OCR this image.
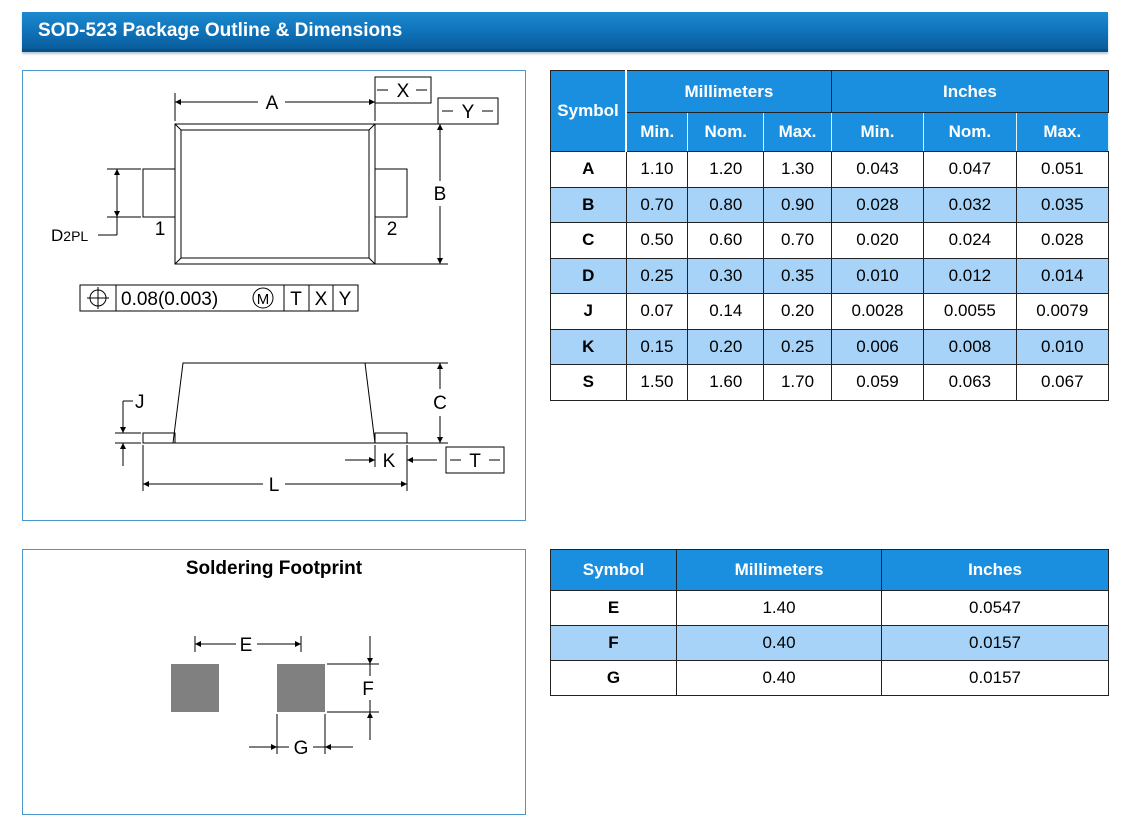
SOD-523 Package Outline & Dimensions
A
X
Y
B
1	2
D2PL
0.08(0.003)	M T X Y
C
J
K	T
L
Symbol	Millimeters			Inches		
	Min.	Nom.	Max.	Min.	Nom.	Max.
A	1.10	1.20	1.30	0.043	0.047	0.051
B	0.70	0.80	0.90	0.028	0.032	0.035
C	0.50	0.60	0.70	0.020	0.024	0.028
D	0.25	0.30	0.35	0.010	0.012	0.014
J	0.07	0.14	0.20	0.0028	0.0055	0.0079
K	0.15	0.20	0.25	0.006	0.008	0.010
S	1.50	1.60	1.70	0.059	0.063	0.067
Soldering Footprint
E
F
G
Symbol	Millimeters	Inches
E	1.40	0.0547
F	0.40	0.0157
G	0.40	0.0157
